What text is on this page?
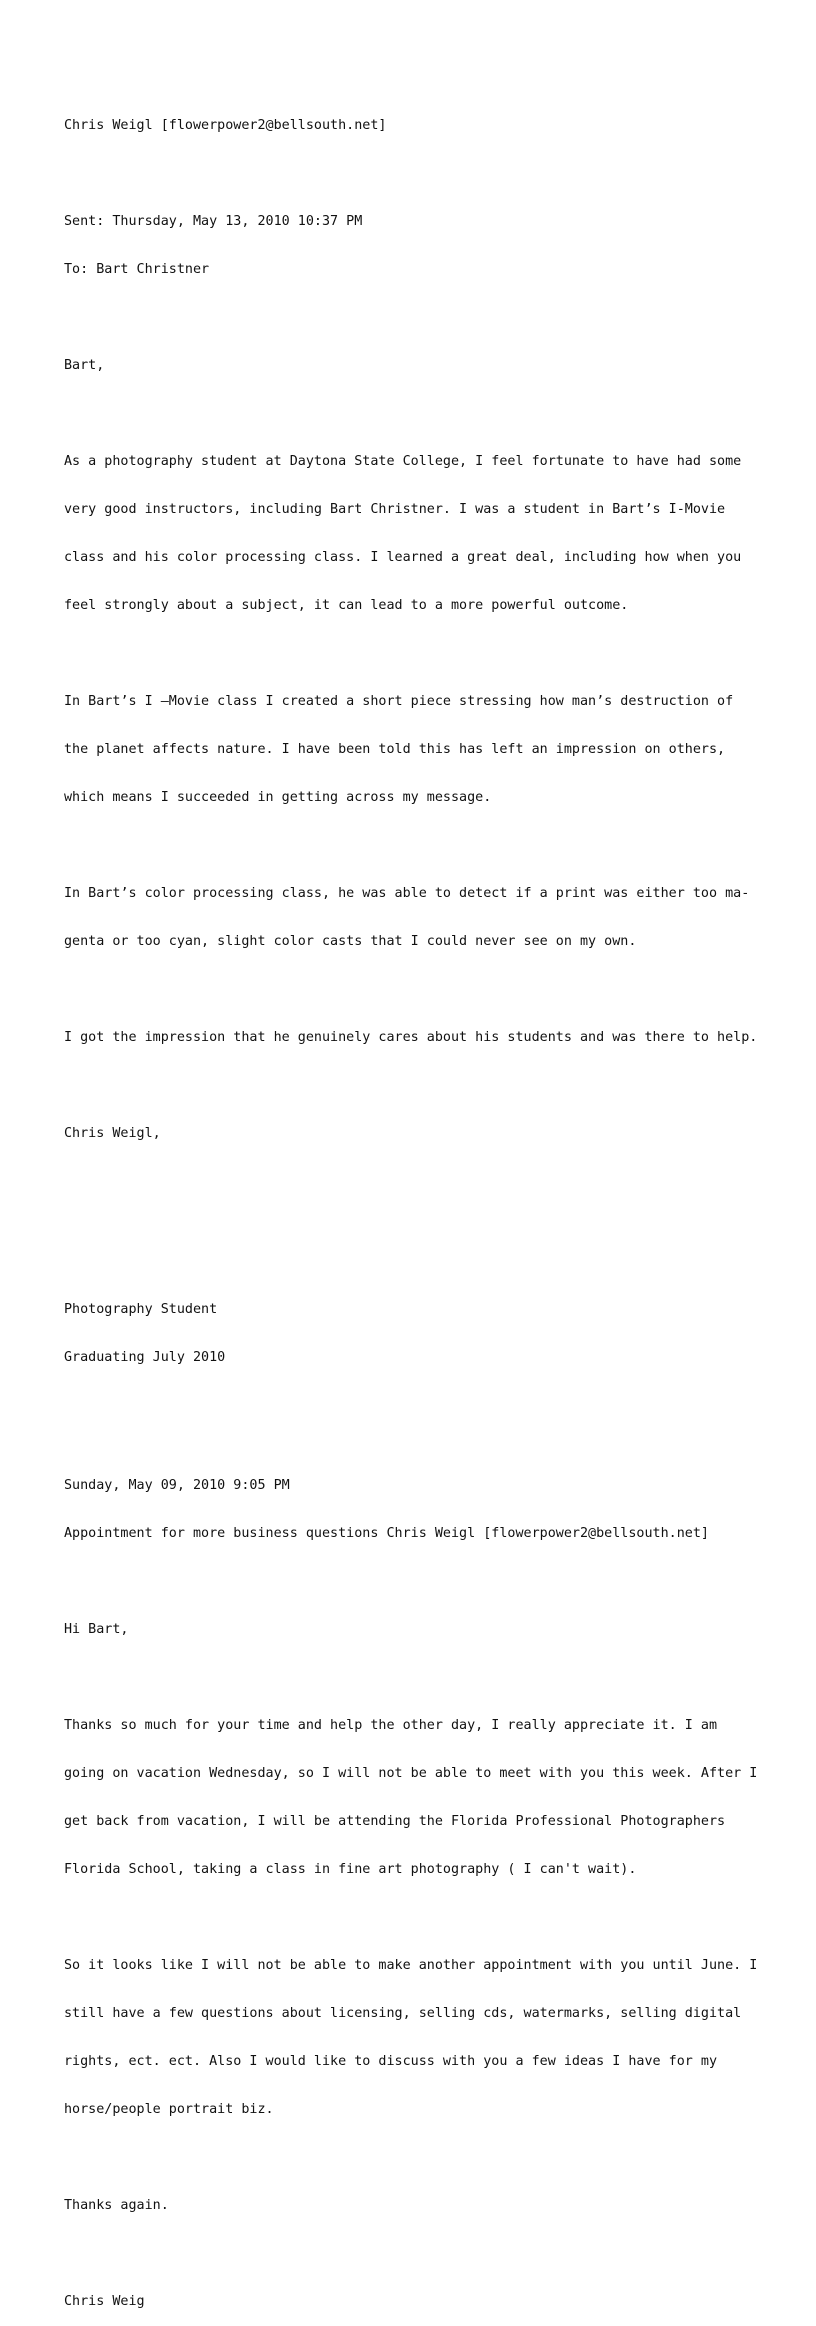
Chris Weigl [flowerpower2@bellsouth.net]

Sent: Thursday, May 13, 2010 10:37 PM

To: Bart Christner

Bart,

As a photography student at Daytona State College, I feel fortunate to have had some

very good instructors, including Bart Christner. I was a student in Bart’s I-Movie

class and his color processing class. I learned a great deal, including how when you

feel strongly about a subject, it can lead to a more powerful outcome.

In Bart’s I —Movie class I created a short piece stressing how man’s destruction of

the planet affects nature. I have been told this has left an impression on others,

which means I succeeded in getting across my message.

In Bart’s color processing class, he was able to detect if a print was either too ma-

genta or too cyan, slight color casts that I could never see on my own.

I got the impression that he genuinely cares about his students and was there to help.

Chris Weigl,

Photography Student

Graduating July 2010

Sunday, May 09, 2010 9:05 PM

Appointment for more business questions Chris Weigl [flowerpower2@bellsouth.net]

Hi Bart,

Thanks so much for your time and help the other day, I really appreciate it. I am

going on vacation Wednesday, so I will not be able to meet with you this week. After I

get back from vacation, I will be attending the Florida Professional Photographers

Florida School, taking a class in fine art photography ( I can't wait).

So it looks like I will not be able to make another appointment with you until June. I

still have a few questions about licensing, selling cds, watermarks, selling digital

rights, ect. ect. Also I would like to discuss with you a few ideas I have for my

horse/people portrait biz.

Thanks again.

Chris Weig
